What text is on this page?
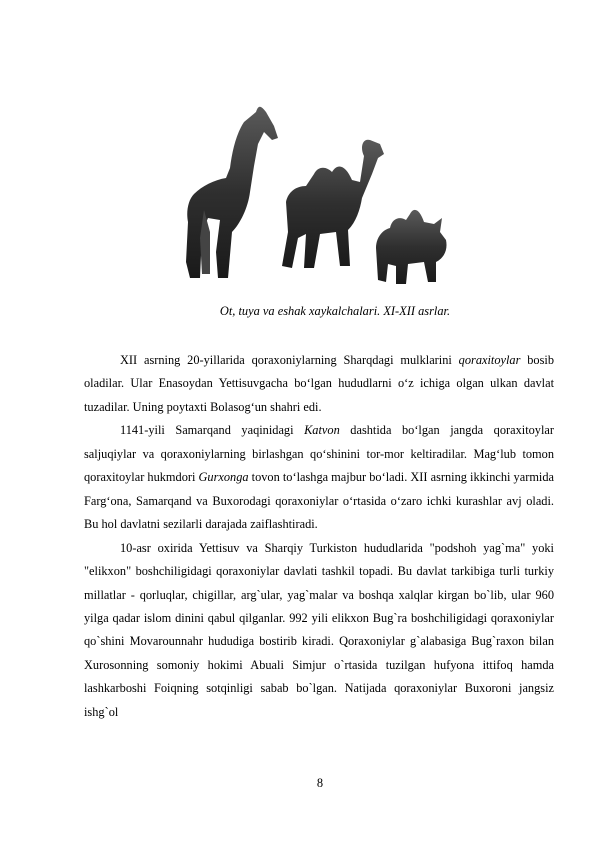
Ot, tuya va eshak xaykalchalari. XI-XII asrlar.

XII asrning 20-yillarida qoraxoniylarning Sharqdagi mulklarini qoraxitoylar bosib oladilar. Ular Enasoydan Yettisuvgacha bo‘lgan hududlarni o‘z ichiga olgan ulkan davlat tuzadilar. Uning poytaxti Bolasog‘un shahri edi.

1141-yili Samarqand yaqinidagi Katvon dashtida bo‘lgan jangda qoraxitoylar saljuqiylar va qoraxoniylarning birlashgan qo‘shinini tor-mor keltiradilar. Mag‘lub tomon qoraxitoylar hukmdori Gurxonga tovon to‘lashga majbur bo‘ladi. XII asrning ikkinchi yarmida Farg‘ona, Samarqand va Buxorodagi qoraxoniylar o‘rtasida o‘zaro ichki kurashlar avj oladi. Bu hol davlatni sezilarli darajada zaiflashtiradi.

10-asr oxirida Yettisuv va Sharqiy Turkiston hududlarida "podshoh yag`ma" yoki "elikxon" boshchiligidagi qoraxoniylar davlati tashkil topadi. Bu davlat tarkibiga turli turkiy millatlar - qorluqlar, chigillar, arg`ular, yag`malar va boshqa xalqlar kirgan bo`lib, ular 960 yilga qadar islom dinini qabul qilganlar. 992 yili elikxon Bug`ra boshchiligidagi qoraxoniylar qo`shini Movarounnahr hududiga bostirib kiradi. Qoraxoniylar g`alabasiga Bug`raxon bilan Xurosonning somoniy hokimi Abuali Simjur o`rtasida tuzilgan hufyona ittifoq hamda lashkarboshi Foiqning sotqinligi sabab bo`lgan. Natijada qoraxoniylar Buxoroni jangsiz ishg`ol

8
